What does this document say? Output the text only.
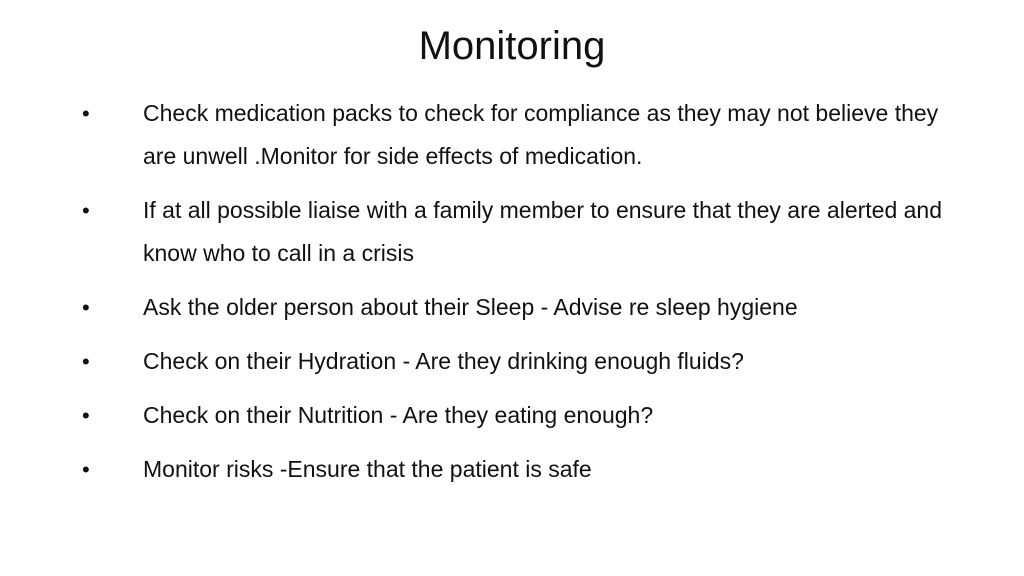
Monitoring
•	Check medication packs to check for compliance as they may not believe they are unwell .Monitor for side effects of medication.
•	If at all possible liaise with a family member to ensure that they are alerted and know who to call in a crisis
•	Ask the older person about their Sleep - Advise re sleep hygiene
•	Check on their Hydration - Are they drinking enough fluids?
•	Check on their Nutrition - Are they eating enough?
•	Monitor risks -Ensure that the patient is safe
